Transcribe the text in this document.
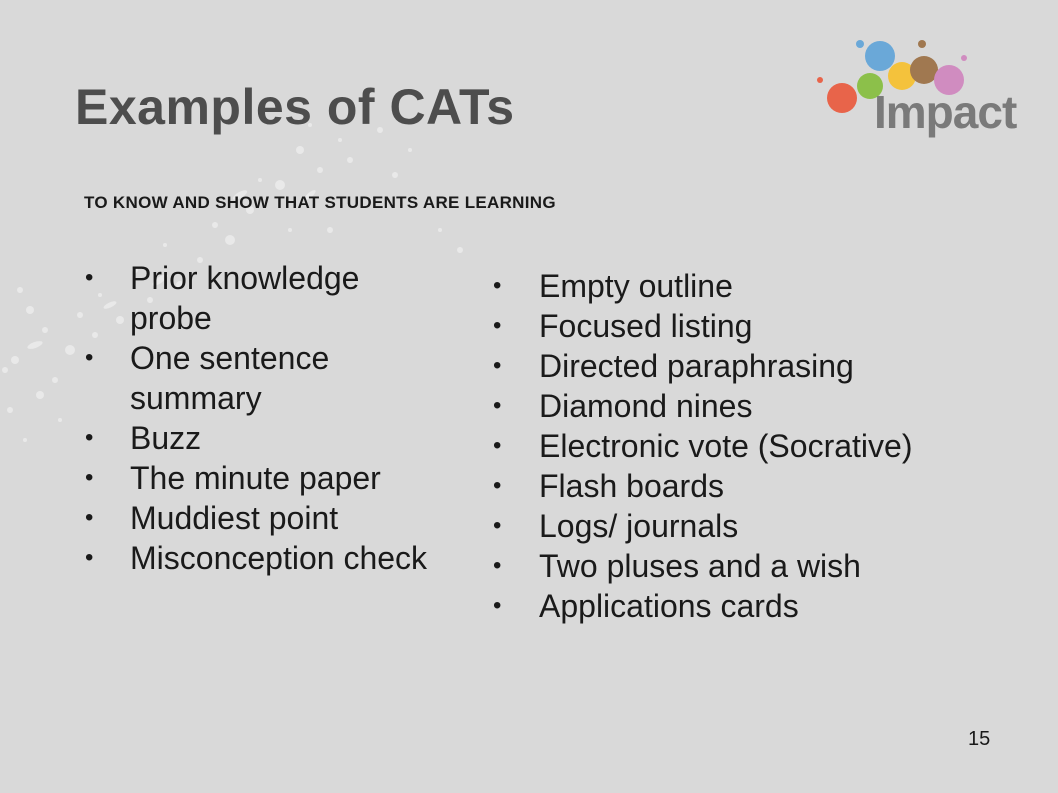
Examples of CATs	Impact
TO KNOW AND SHOW THAT STUDENTS ARE LEARNING
• Prior knowledge probe
• One sentence summary
• Buzz
• The minute paper
• Muddiest point
• Misconception check
• Empty outline
• Focused listing
• Directed paraphrasing
• Diamond nines
• Electronic vote (Socrative)
• Flash boards
• Logs/ journals
• Two pluses and a wish
• Applications cards
15
